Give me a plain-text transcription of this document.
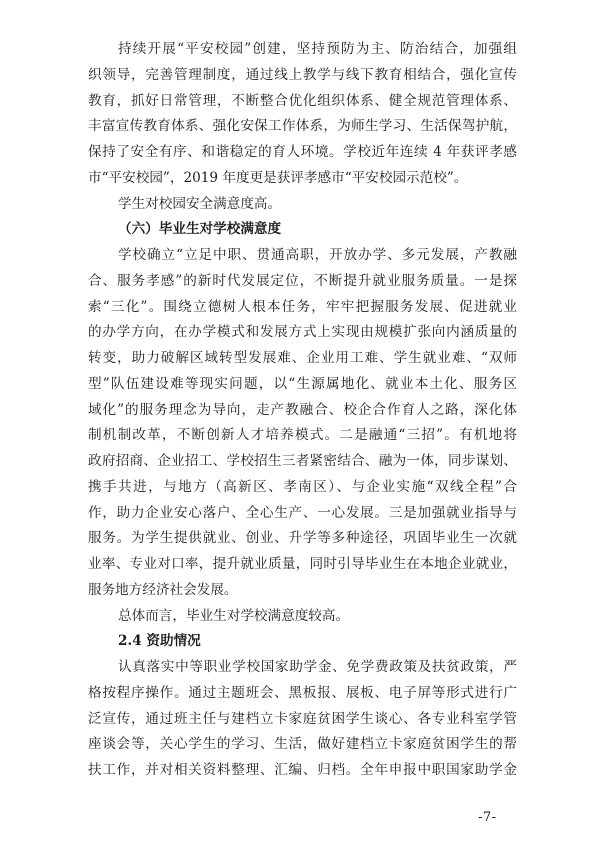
持续开展“平安校园”创建，坚持预防为主、防治结合，加强组
织领导，完善管理制度，通过线上教学与线下教育相结合，强化宣传
教育，抓好日常管理，不断整合优化组织体系、健全规范管理体系、
丰富宣传教育体系、强化安保工作体系，为师生学习、生活保驾护航，
保持了安全有序、和谐稳定的育人环境。学校近年连续 4 年获评孝感
市“平安校园”，2019 年度更是获评孝感市“平安校园示范校”。
学生对校园安全满意度高。
（六）毕业生对学校满意度
学校确立“立足中职、贯通高职，开放办学、多元发展，产教融
合、服务孝感”的新时代发展定位，不断提升就业服务质量。一是探
索“三化”。围绕立德树人根本任务，牢牢把握服务发展、促进就业
的办学方向，在办学模式和发展方式上实现由规模扩张向内涵质量的
转变，助力破解区域转型发展难、企业用工难、学生就业难、“双师
型”队伍建设难等现实问题，以“生源属地化、就业本土化、服务区
域化”的服务理念为导向，走产教融合、校企合作育人之路，深化体
制机制改革，不断创新人才培养模式。二是融通“三招”。有机地将
政府招商、企业招工、学校招生三者紧密结合、融为一体，同步谋划、
携手共进，与地方（高新区、孝南区）、与企业实施“双线全程”合
作，助力企业安心落户、全心生产、一心发展。三是加强就业指导与
服务。为学生提供就业、创业、升学等多种途径，巩固毕业生一次就
业率、专业对口率，提升就业质量，同时引导毕业生在本地企业就业，
服务地方经济社会发展。
总体而言，毕业生对学校满意度较高。
2.4 资助情况
认真落实中等职业学校国家助学金、免学费政策及扶贫政策，严
格按程序操作。通过主题班会、黑板报、展板、电子屏等形式进行广
泛宣传，通过班主任与建档立卡家庭贫困学生谈心、各专业科室学管
座谈会等，关心学生的学习、生活，做好建档立卡家庭贫困学生的帮
扶工作，并对相关资料整理、汇编、归档。全年申报中职国家助学金
-7-
